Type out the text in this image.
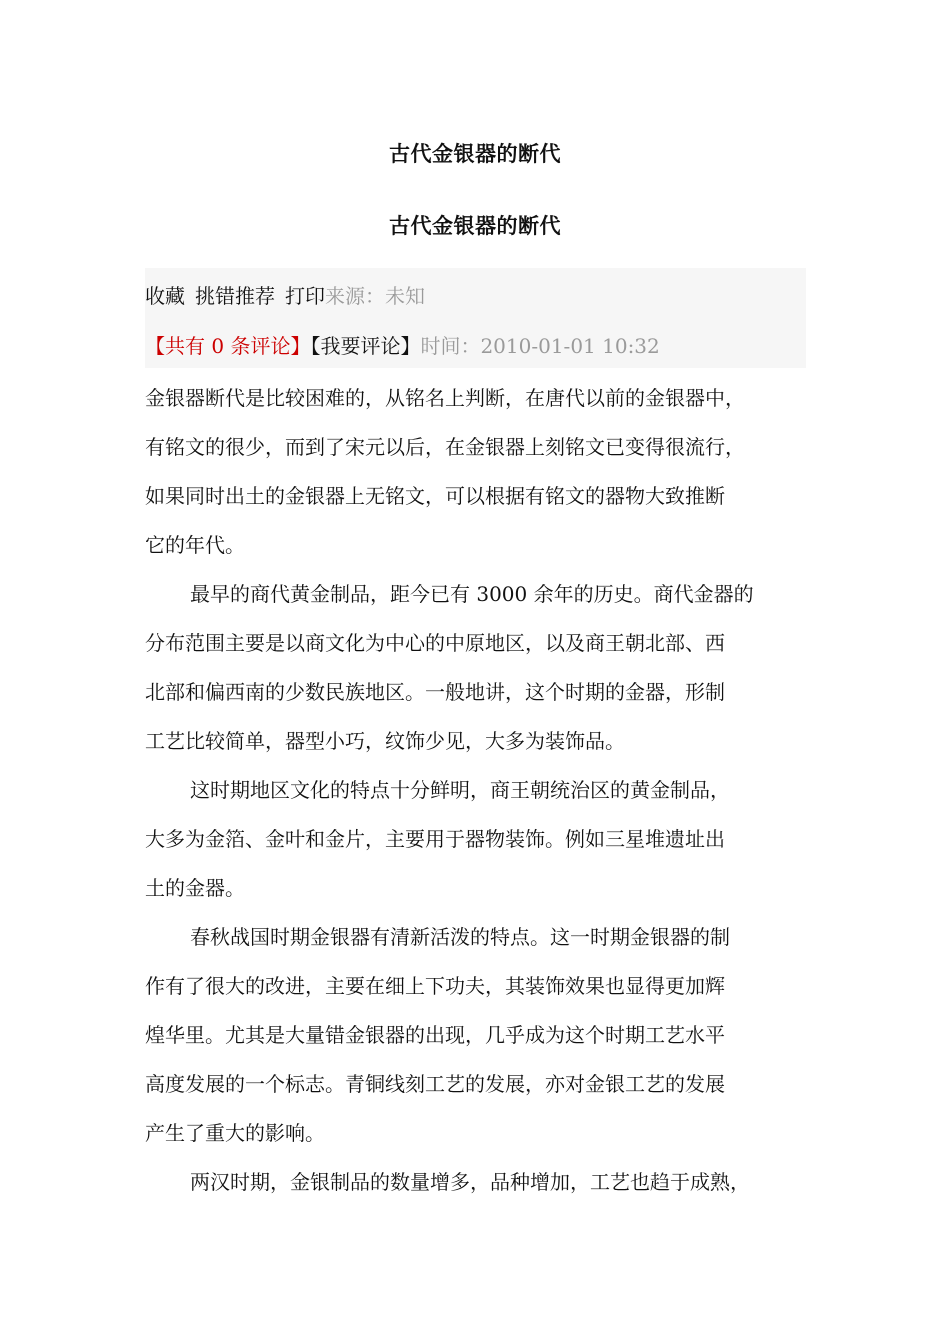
古代金银器的断代
古代金银器的断代
收藏 挑错推荐 打印来源：未知
【共有 0 条评论】【我要评论】时间：2010-01-01 10:32
金银器断代是比较困难的，从铭名上判断，在唐代以前的金银器中，
有铭文的很少，而到了宋元以后，在金银器上刻铭文已变得很流行，
如果同时出土的金银器上无铭文，可以根据有铭文的器物大致推断
它的年代。
最早的商代黄金制品，距今已有 3000 余年的历史。商代金器的
分布范围主要是以商文化为中心的中原地区，以及商王朝北部、西
北部和偏西南的少数民族地区。一般地讲，这个时期的金器，形制
工艺比较简单，器型小巧，纹饰少见，大多为装饰品。
这时期地区文化的特点十分鲜明，商王朝统治区的黄金制品，
大多为金箔、金叶和金片，主要用于器物装饰。例如三星堆遗址出
土的金器。
春秋战国时期金银器有清新活泼的特点。这一时期金银器的制
作有了很大的改进，主要在细上下功夫，其装饰效果也显得更加辉
煌华里。尤其是大量错金银器的出现，几乎成为这个时期工艺水平
高度发展的一个标志。青铜线刻工艺的发展，亦对金银工艺的发展
产生了重大的影响。
两汉时期，金银制品的数量增多，品种增加，工艺也趋于成熟，
